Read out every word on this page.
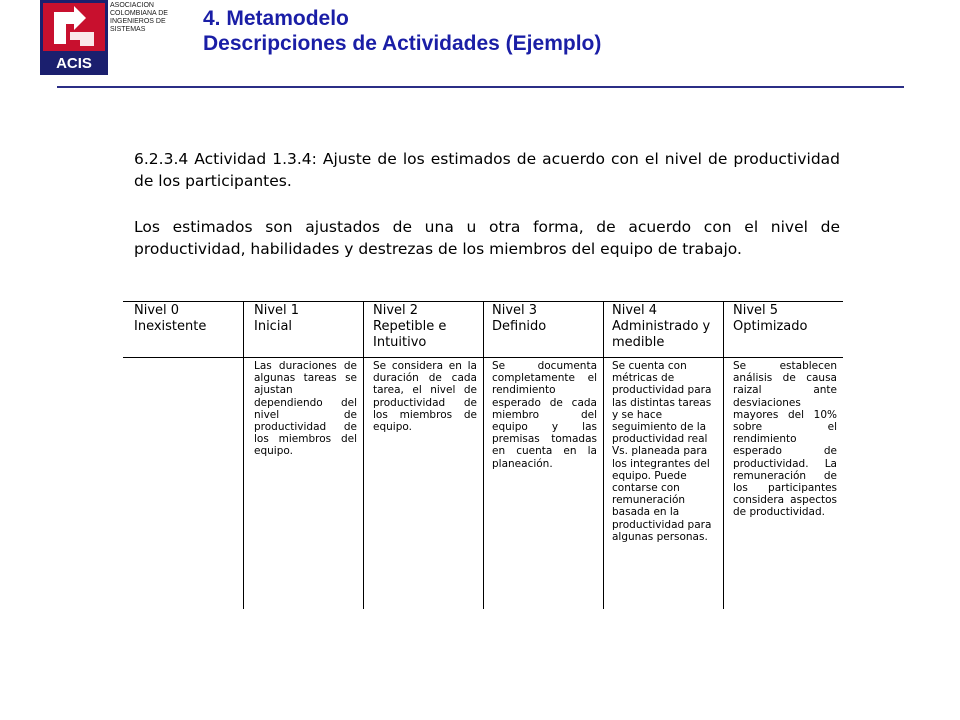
ACIS
ASOCIACION COLOMBIANA DE INGENIEROS DE SISTEMAS	4. Metamodelo
Descripciones de Actividades (Ejemplo)
6.2.3.4 Actividad 1.3.4: Ajuste de los estimados de acuerdo con el nivel de productividad de los participantes.
Los estimados son ajustados de una u otra forma, de acuerdo con el nivel de productividad, habilidades y destrezas de los miembros del equipo de trabajo.
Nivel 0
Inexistente
Nivel 1
Inicial
Nivel 2
Repetible e Intuitivo
Nivel 3
Definido
Nivel 4
Administrado y medible
Nivel 5
Optimizado
Las duraciones de algunas tareas se ajustan dependiendo del nivel de productividad de los miembros del equipo.
Se considera en la duración de cada tarea, el nivel de productividad de los miembros de equipo.
Se documenta completamente el rendimiento esperado de cada miembro del equipo y las premisas tomadas en cuenta en la planeación.
Se cuenta con métricas de productividad para las distintas tareas y se hace seguimiento de la productividad real Vs. planeada para los integrantes del equipo. Puede contarse con remuneración basada en la productividad para algunas personas.
Se establecen análisis de causa raizal ante desviaciones mayores del 10% sobre el rendimiento esperado de productividad. La remuneración de los participantes considera aspectos de productividad.
